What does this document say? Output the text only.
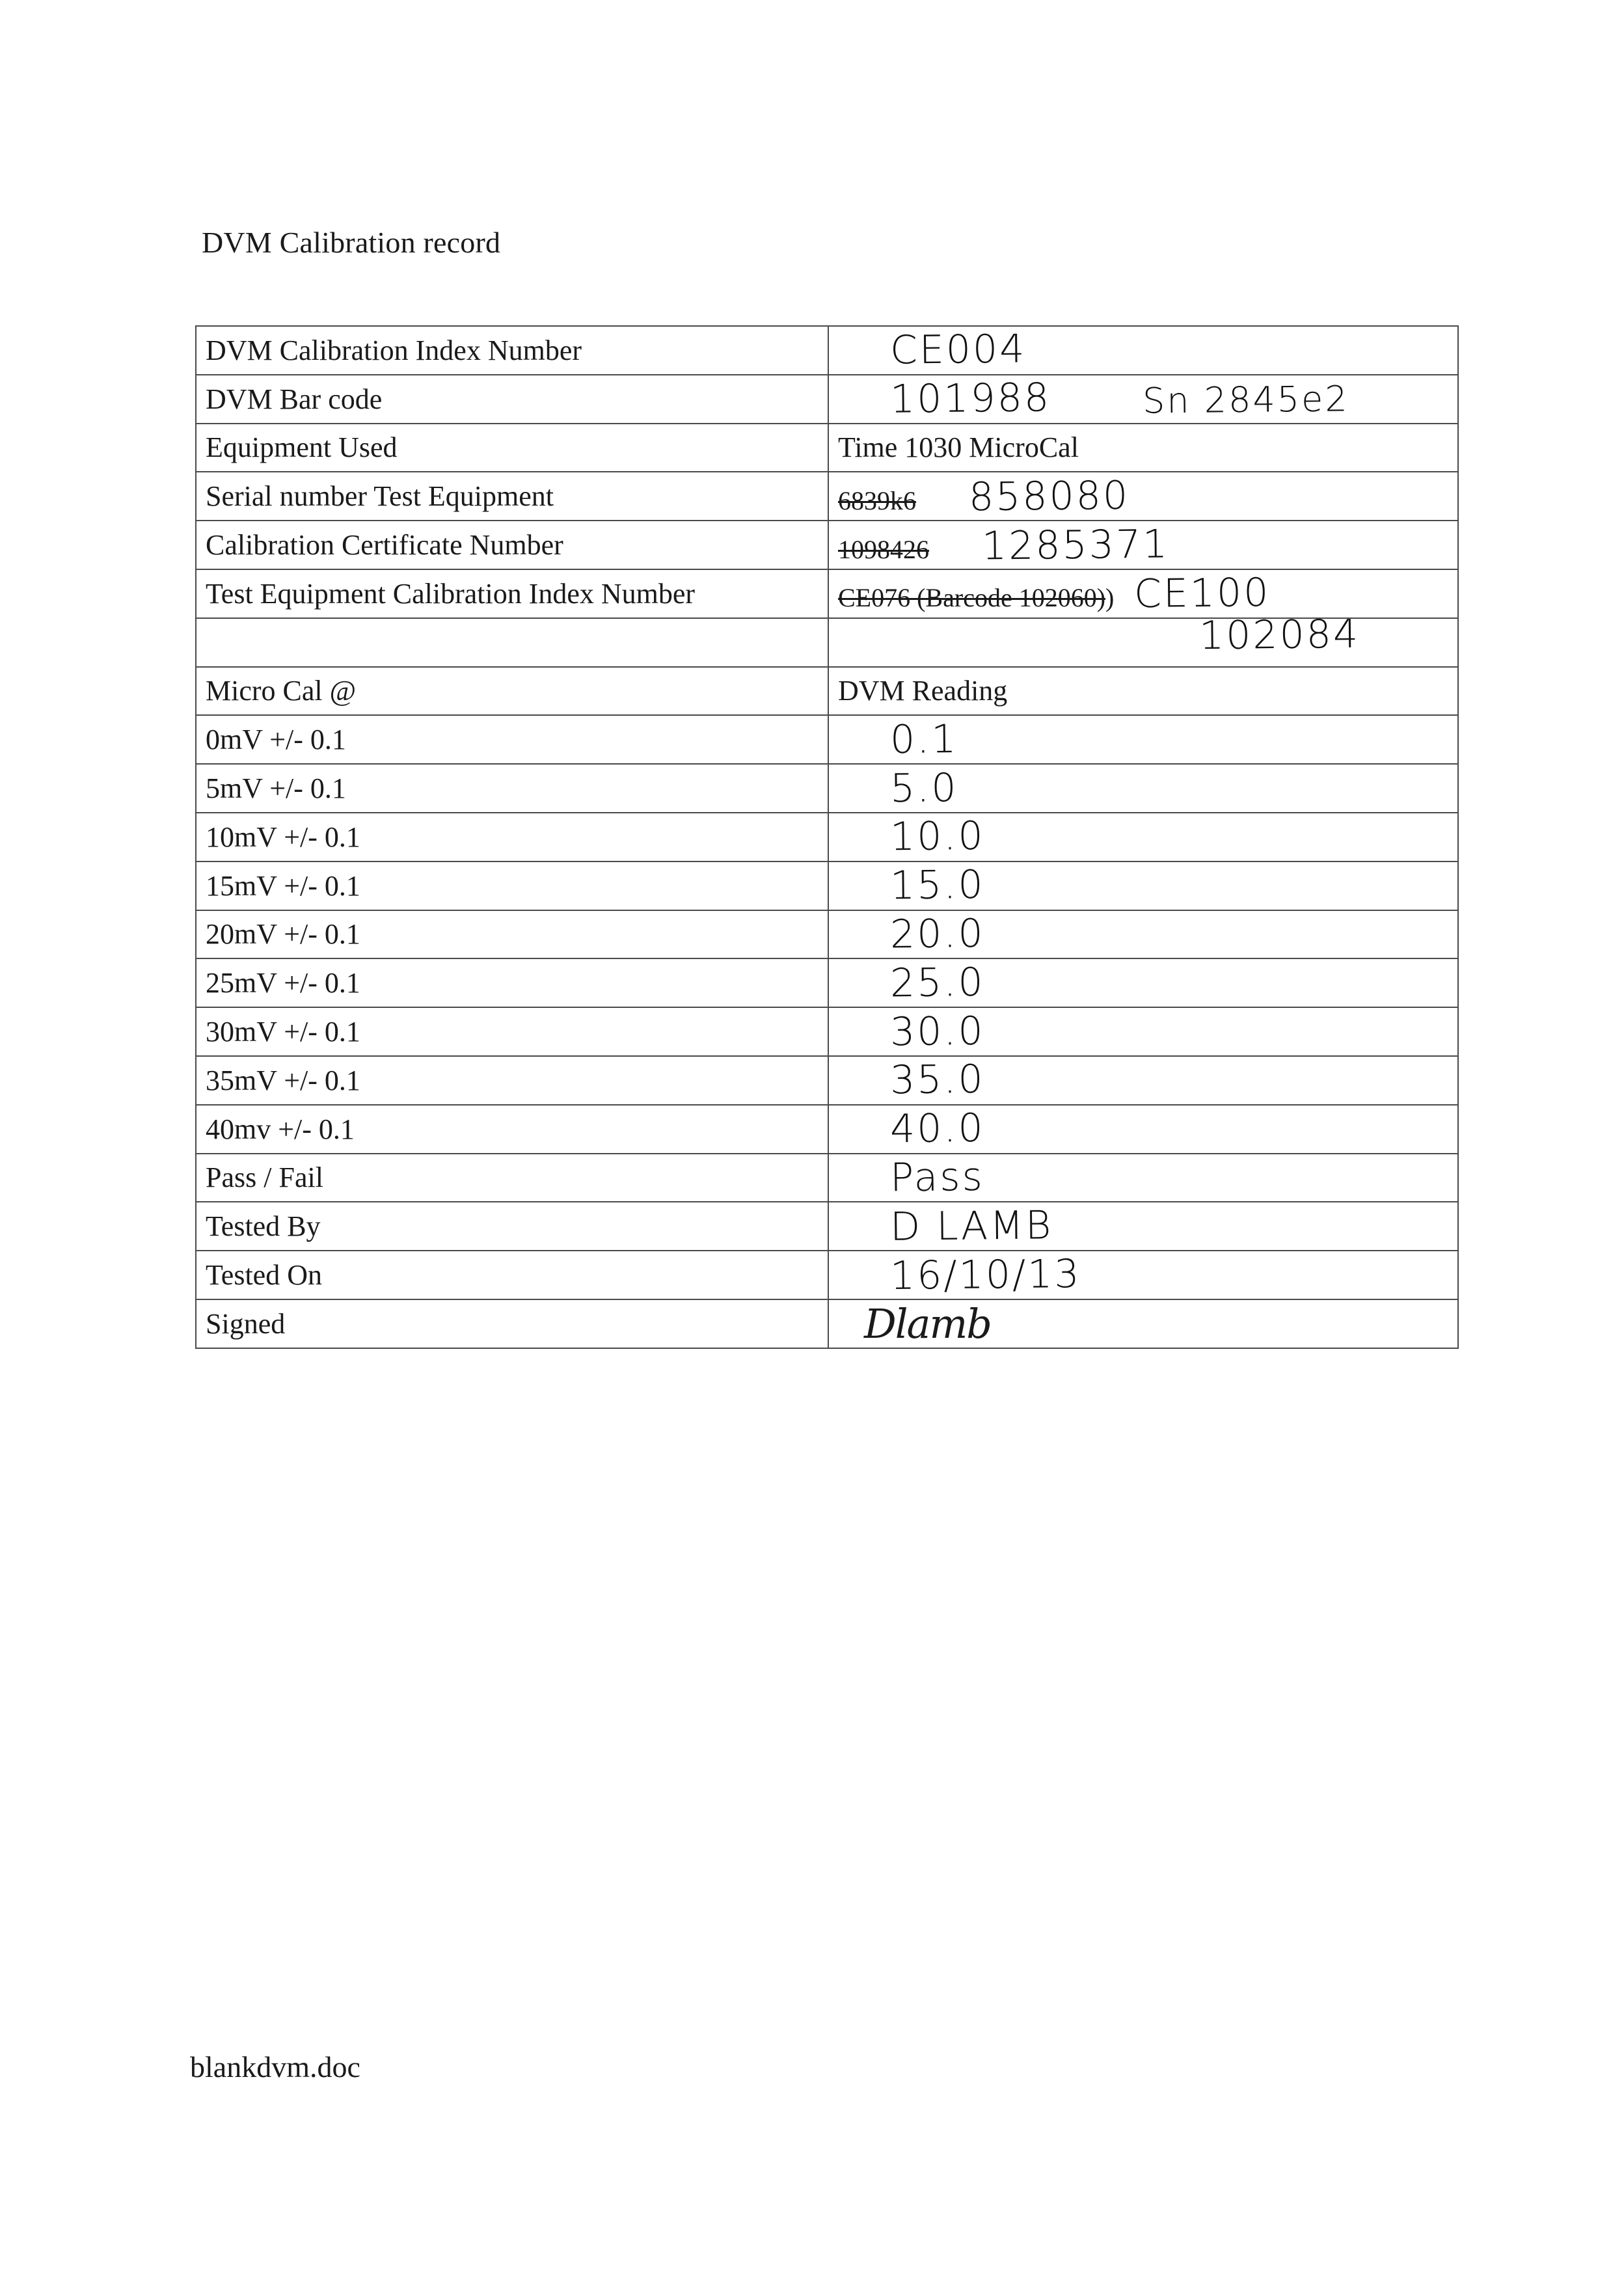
DVM Calibration record
DVM Calibration Index Number	CE004
DVM Bar code	101988 Sn 2845e2
Equipment Used	Time 1030 MicroCal
Serial number Test Equipment	6839k6 858080
Calibration Certificate Number	1098426 1285371
Test Equipment Calibration Index Number	CE076 (Barcode 102060)) CE100

	102084

Micro Cal @	DVM Reading
0mV +/- 0.1	0.1
5mV +/- 0.1	5.0
10mV +/- 0.1	10.0
15mV +/- 0.1	15.0
20mV +/- 0.1	20.0
25mV +/- 0.1	25.0
30mV +/- 0.1	30.0
35mV +/- 0.1	35.0
40mv +/- 0.1	40.0
Pass / Fail	Pass
Tested By	D LAMB
Tested On	16/10/13
Signed	Dlamb
blankdvm.doc
